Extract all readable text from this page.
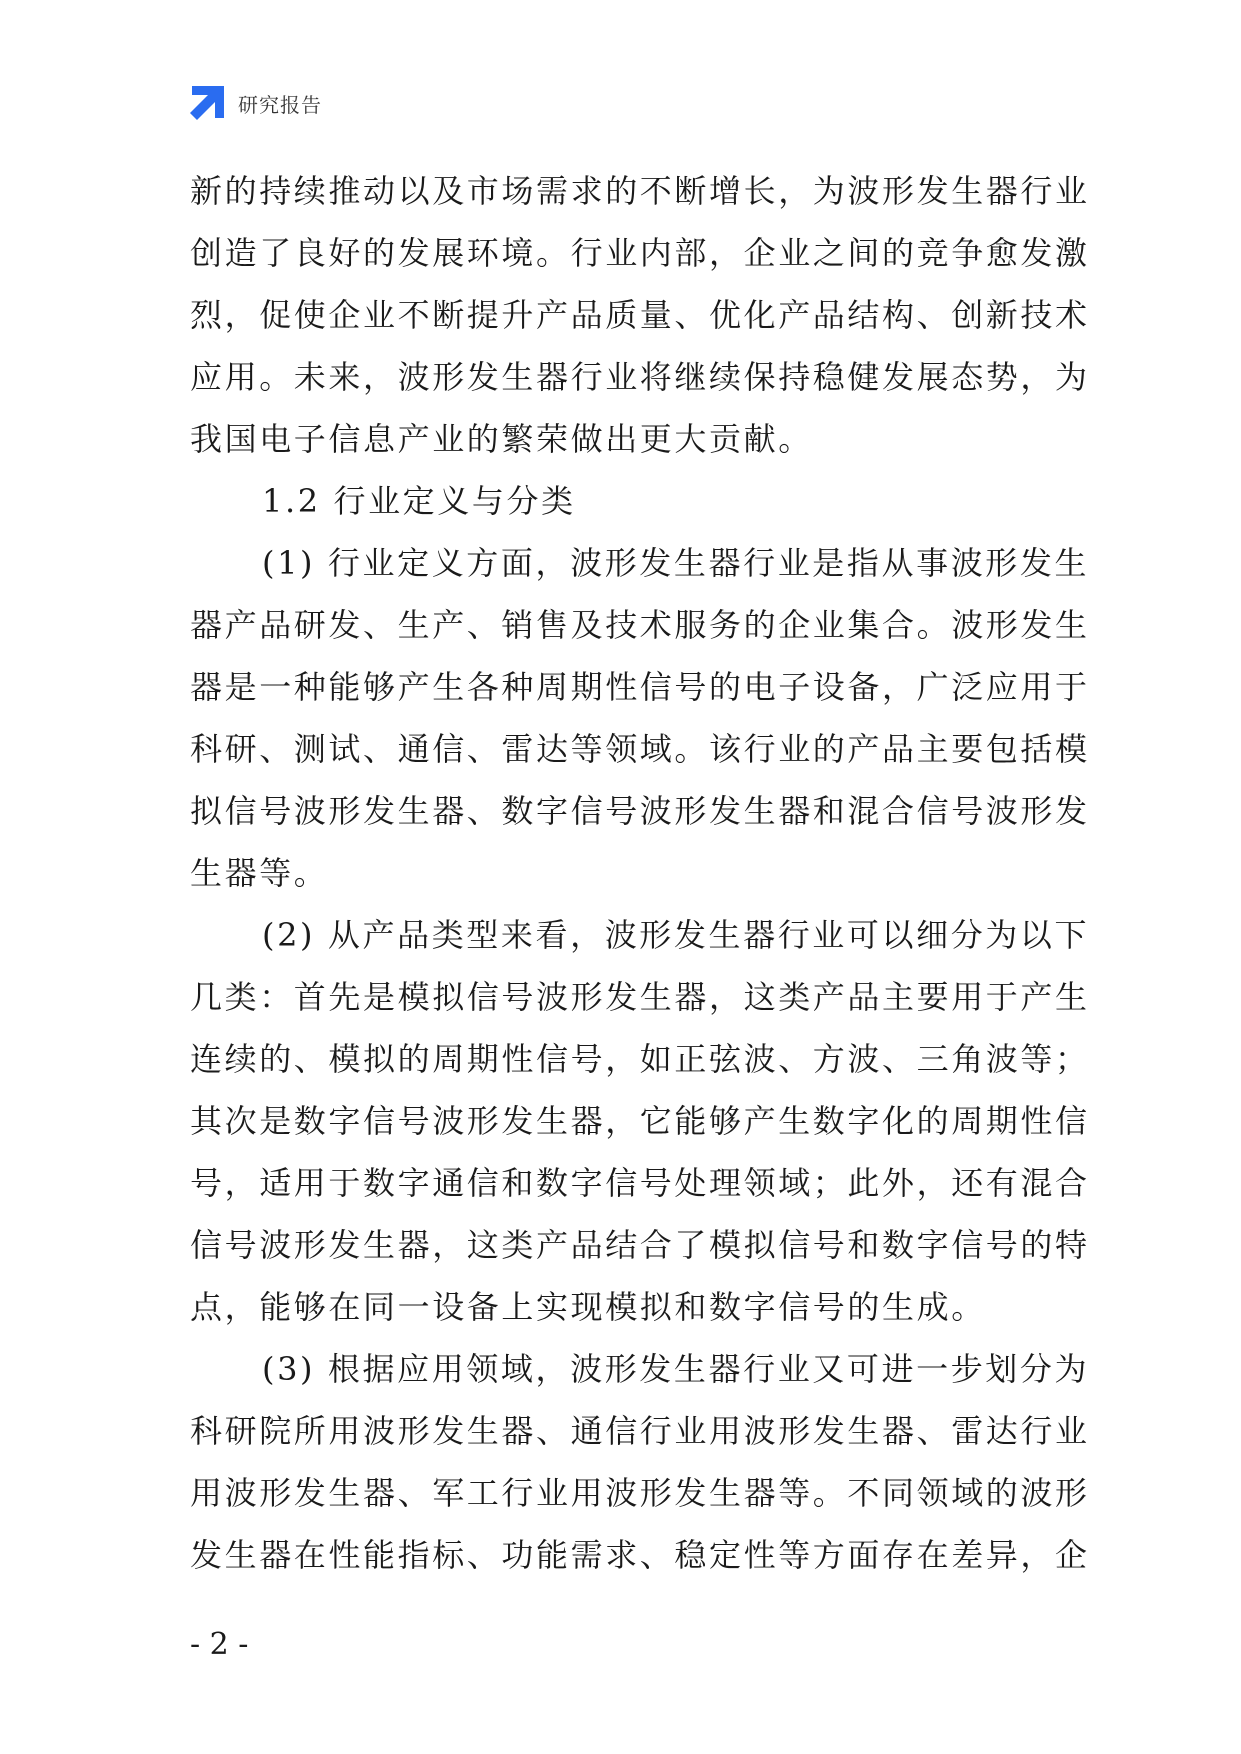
研究报告
新的持续推动以及市场需求的不断增长，为波形发生器行业
创造了良好的发展环境。行业内部，企业之间的竞争愈发激
烈，促使企业不断提升产品质量、优化产品结构、创新技术
应用。未来，波形发生器行业将继续保持稳健发展态势，为
我国电子信息产业的繁荣做出更大贡献。
1.2 行业定义与分类
(1) 行业定义方面，波形发生器行业是指从事波形发生
器产品研发、生产、销售及技术服务的企业集合。波形发生
器是一种能够产生各种周期性信号的电子设备，广泛应用于
科研、测试、通信、雷达等领域。该行业的产品主要包括模
拟信号波形发生器、数字信号波形发生器和混合信号波形发
生器等。
(2) 从产品类型来看，波形发生器行业可以细分为以下
几类：首先是模拟信号波形发生器，这类产品主要用于产生
连续的、模拟的周期性信号，如正弦波、方波、三角波等；
其次是数字信号波形发生器，它能够产生数字化的周期性信
号，适用于数字通信和数字信号处理领域；此外，还有混合
信号波形发生器，这类产品结合了模拟信号和数字信号的特
点，能够在同一设备上实现模拟和数字信号的生成。
(3) 根据应用领域，波形发生器行业又可进一步划分为
科研院所用波形发生器、通信行业用波形发生器、雷达行业
用波形发生器、军工行业用波形发生器等。不同领域的波形
发生器在性能指标、功能需求、稳定性等方面存在差异，企
- 2 -
